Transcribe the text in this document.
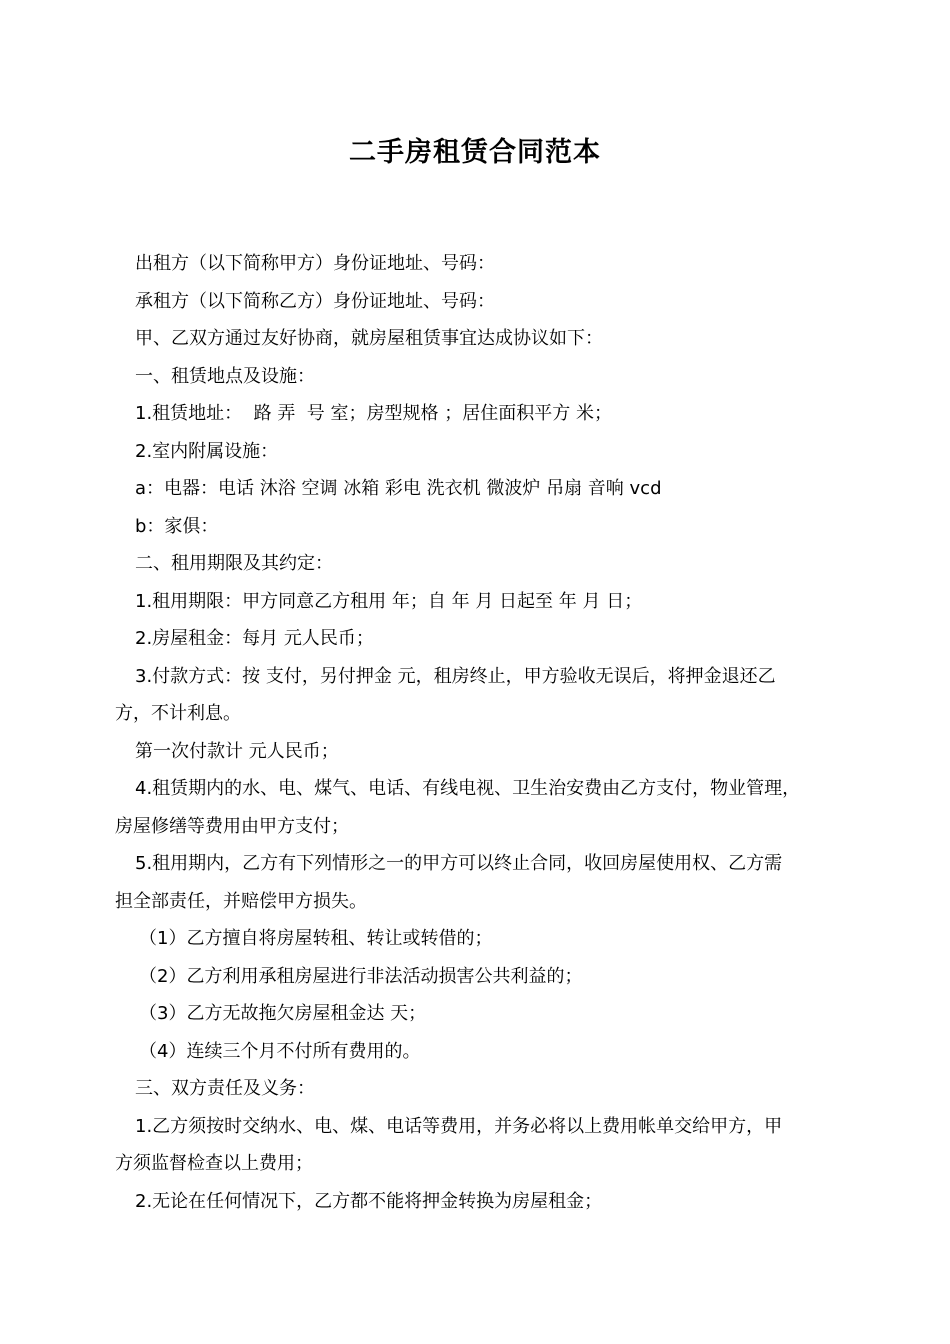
二手房租赁合同范本

出租方（以下简称甲方）身份证地址、号码：

承租方（以下简称乙方）身份证地址、号码：

甲、乙双方通过友好协商，就房屋租赁事宜达成协议如下：

一、租赁地点及设施：

1.租赁地址：  路 弄  号 室；房型规格 ；居住面积平方 米；

2.室内附属设施：

a：电器：电话 沐浴 空调 冰箱 彩电 洗衣机 微波炉 吊扇 音响 vcd

b：家俱：

二、租用期限及其约定：

1.租用期限：甲方同意乙方租用 年；自 年 月 日起至 年 月 日；

2.房屋租金：每月 元人民币；

3.付款方式：按 支付，另付押金 元，租房终止，甲方验收无误后，将押金退还乙

方，不计利息。

第一次付款计 元人民币；

4.租赁期内的水、电、煤气、电话、有线电视、卫生治安费由乙方支付，物业管理，

房屋修缮等费用由甲方支付；

5.租用期内，乙方有下列情形之一的甲方可以终止合同，收回房屋使用权、乙方需

担全部责任，并赔偿甲方损失。

（1）乙方擅自将房屋转租、转让或转借的；

（2）乙方利用承租房屋进行非法活动损害公共利益的；

（3）乙方无故拖欠房屋租金达 天；

（4）连续三个月不付所有费用的。

三、双方责任及义务：

1.乙方须按时交纳水、电、煤、电话等费用，并务必将以上费用帐单交给甲方，甲

方须监督检查以上费用；

2.无论在任何情况下，乙方都不能将押金转换为房屋租金；
